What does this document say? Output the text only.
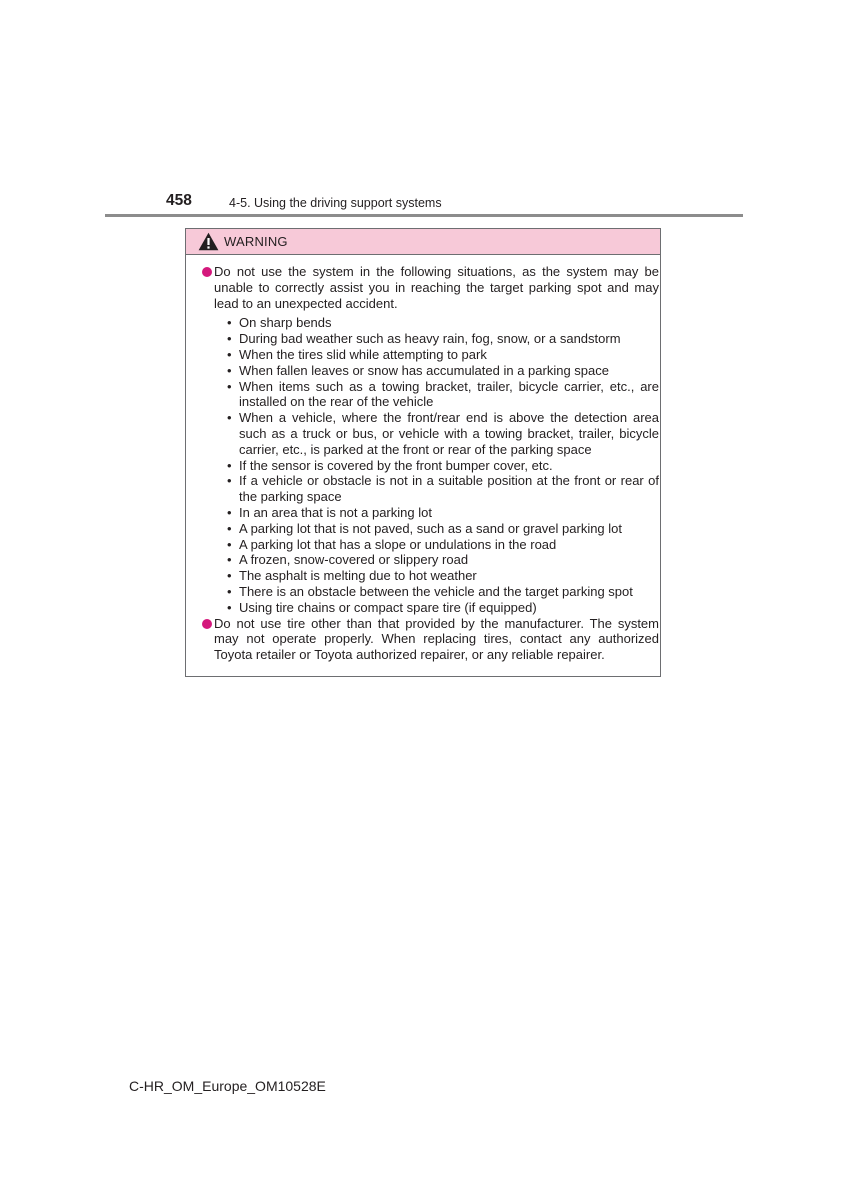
458	4-5. Using the driving support systems
WARNING
Do not use the system in the following situations, as the system may be unable to correctly assist you in reaching the target parking spot and may lead to an unexpected accident.
• On sharp bends
• During bad weather such as heavy rain, fog, snow, or a sandstorm
• When the tires slid while attempting to park
• When fallen leaves or snow has accumulated in a parking space
• When items such as a towing bracket, trailer, bicycle carrier, etc., are installed on the rear of the vehicle
• When a vehicle, where the front/rear end is above the detection area such as a truck or bus, or vehicle with a towing bracket, trailer, bicycle carrier, etc., is parked at the front or rear of the parking space
• If the sensor is covered by the front bumper cover, etc.
• If a vehicle or obstacle is not in a suitable position at the front or rear of the parking space
• In an area that is not a parking lot
• A parking lot that is not paved, such as a sand or gravel parking lot
• A parking lot that has a slope or undulations in the road
• A frozen, snow-covered or slippery road
• The asphalt is melting due to hot weather
• There is an obstacle between the vehicle and the target parking spot
• Using tire chains or compact spare tire (if equipped)
Do not use tire other than that provided by the manufacturer. The system may not operate properly. When replacing tires, contact any authorized Toyota retailer or Toyota authorized repairer, or any reliable repairer.
C-HR_OM_Europe_OM10528E
